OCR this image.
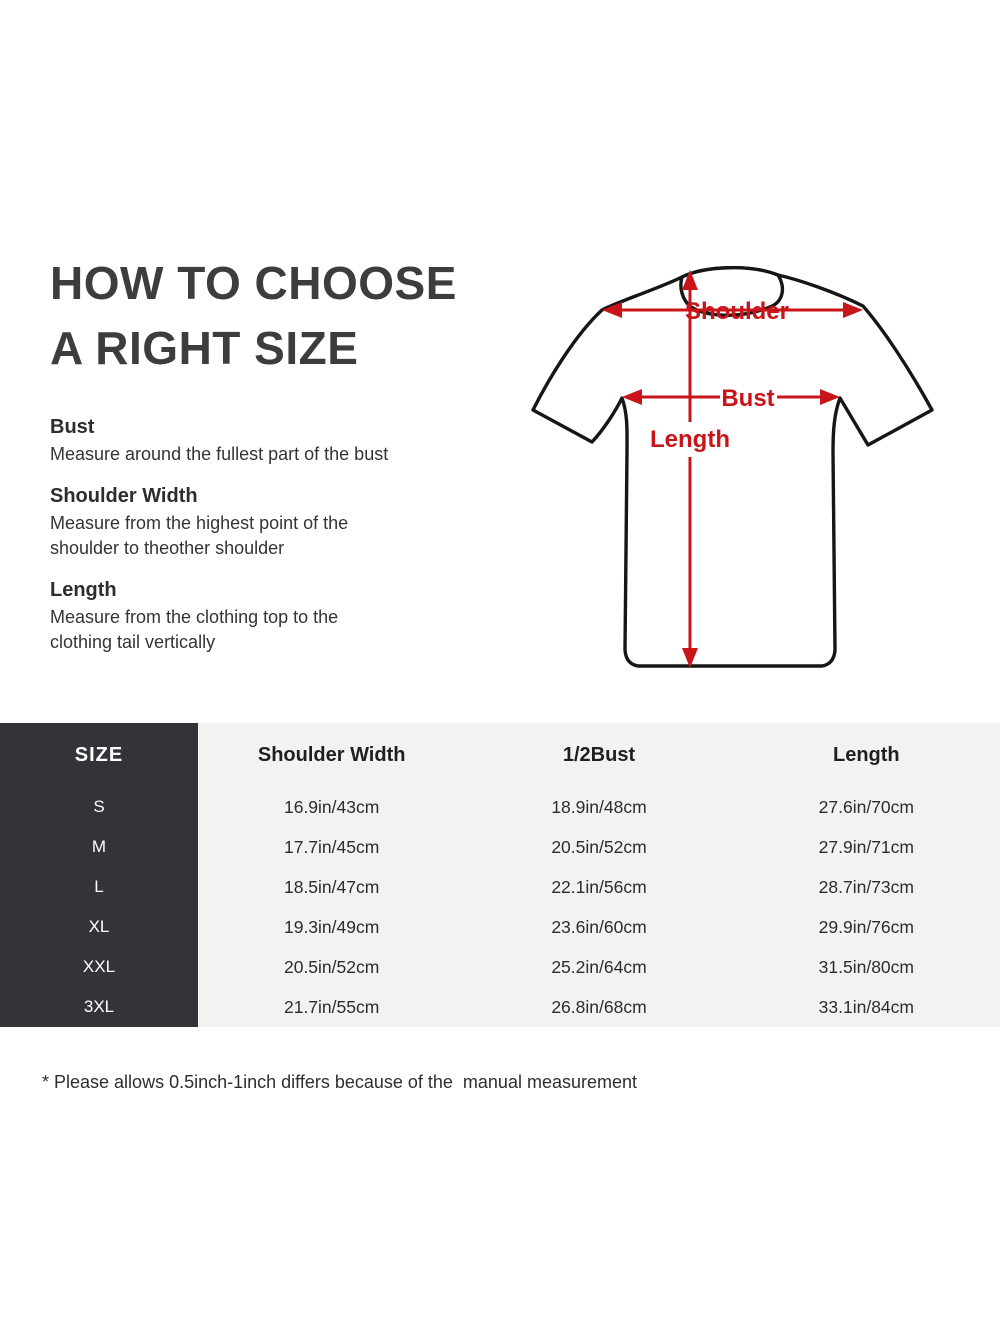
HOW TO CHOOSE
A RIGHT SIZE
Bust

Measure around the fullest part of the bust

Shoulder Width

Measure from the highest point of the
shoulder to theother shoulder

Length

Measure from the clothing top to the
clothing tail vertically

Shoulder
Bust
Length
SIZE	Shoulder Width	1/2Bust	Length
S	16.9in/43cm	18.9in/48cm	27.6in/70cm
M	17.7in/45cm	20.5in/52cm	27.9in/71cm
L	18.5in/47cm	22.1in/56cm	28.7in/73cm
XL	19.3in/49cm	23.6in/60cm	29.9in/76cm
XXL	20.5in/52cm	25.2in/64cm	31.5in/80cm
3XL	21.7in/55cm	26.8in/68cm	33.1in/84cm
* Please allows 0.5inch-1inch differs because of the  manual measurement
